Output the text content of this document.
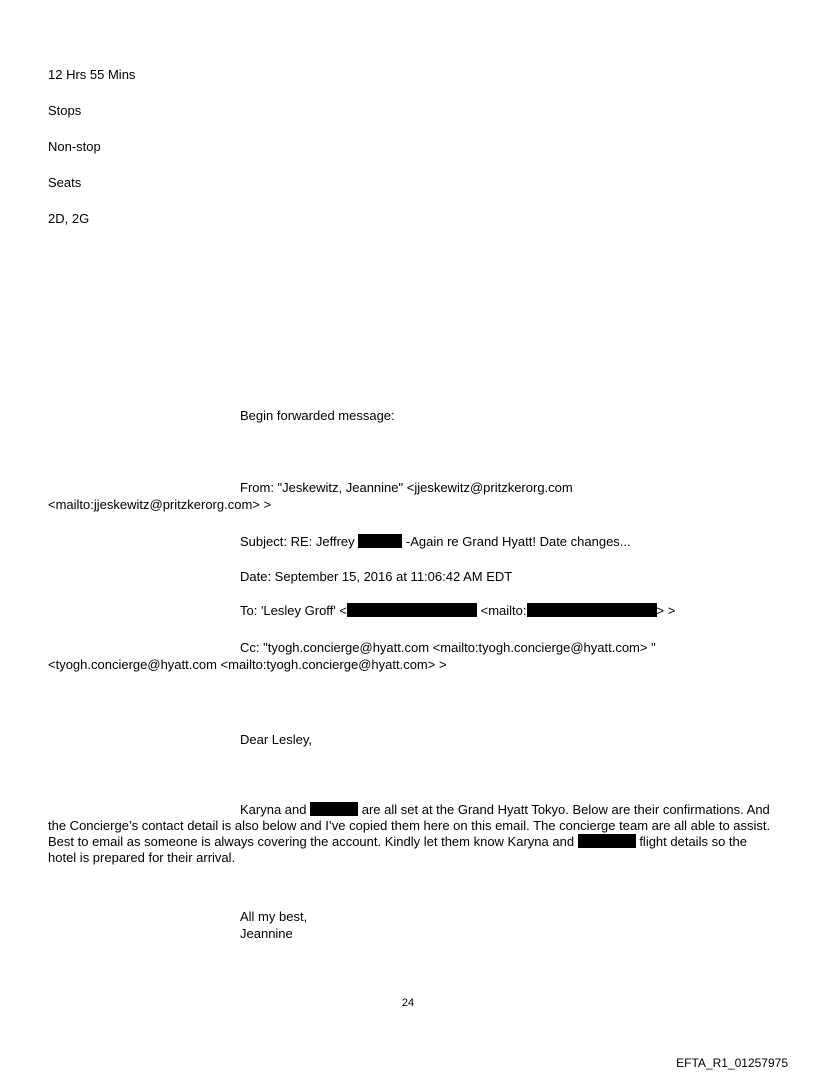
12 Hrs 55 Mins
Stops
Non-stop
Seats
2D, 2G
Begin forwarded message:
From: "Jeskewitz, Jeannine" <jjeskewitz@pritzkerorg.com
<mailto:jjeskewitz@pritzkerorg.com> >
Subject: RE: Jeffrey	-Again re Grand Hyatt! Date changes...
Date: September 15, 2016 at 11:06:42 AM EDT
To: 'Lesley Groff' <	<mailto:	> >
Cc: "tyogh.concierge@hyatt.com <mailto:tyogh.concierge@hyatt.com> "
<tyogh.concierge@hyatt.com <mailto:tyogh.concierge@hyatt.com> >
Dear Lesley,
Karyna and	are all set at the Grand Hyatt Tokyo. Below are their confirmations. And the Concierge’s contact detail is also below and I’ve copied them here on this email. The concierge team are all able to assist. Best to email as someone is always covering the account. Kindly let them know Karyna and	flight details so the hotel is prepared for their arrival.
All my best,
Jeannine
24
EFTA_R1_01257975
